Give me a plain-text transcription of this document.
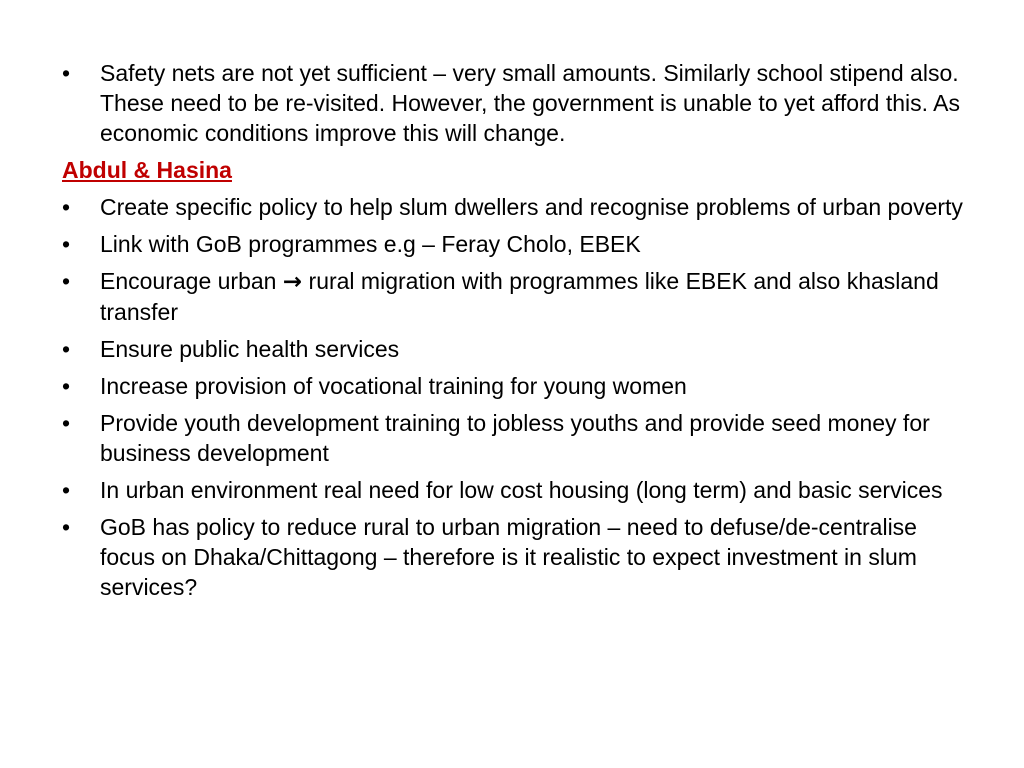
•	Safety nets are not yet sufficient – very small amounts. Similarly school stipend also. These need to be re-visited. However, the government is unable to yet afford this. As economic conditions improve this will change.
Abdul & Hasina
•	Create specific policy to help slum dwellers and recognise problems of urban poverty
•	Link with GoB programmes e.g – Feray Cholo, EBEK
•	Encourage urban → rural migration with programmes like EBEK and also khasland transfer
•	Ensure public health services
•	Increase provision of vocational training for young women
•	Provide youth development training to jobless youths and provide seed money for business development
•	In urban environment real need for low cost housing (long term) and basic services
•	GoB has policy to reduce rural to urban migration – need to defuse/de-centralise focus on Dhaka/Chittagong – therefore is it realistic to expect investment in slum services?
